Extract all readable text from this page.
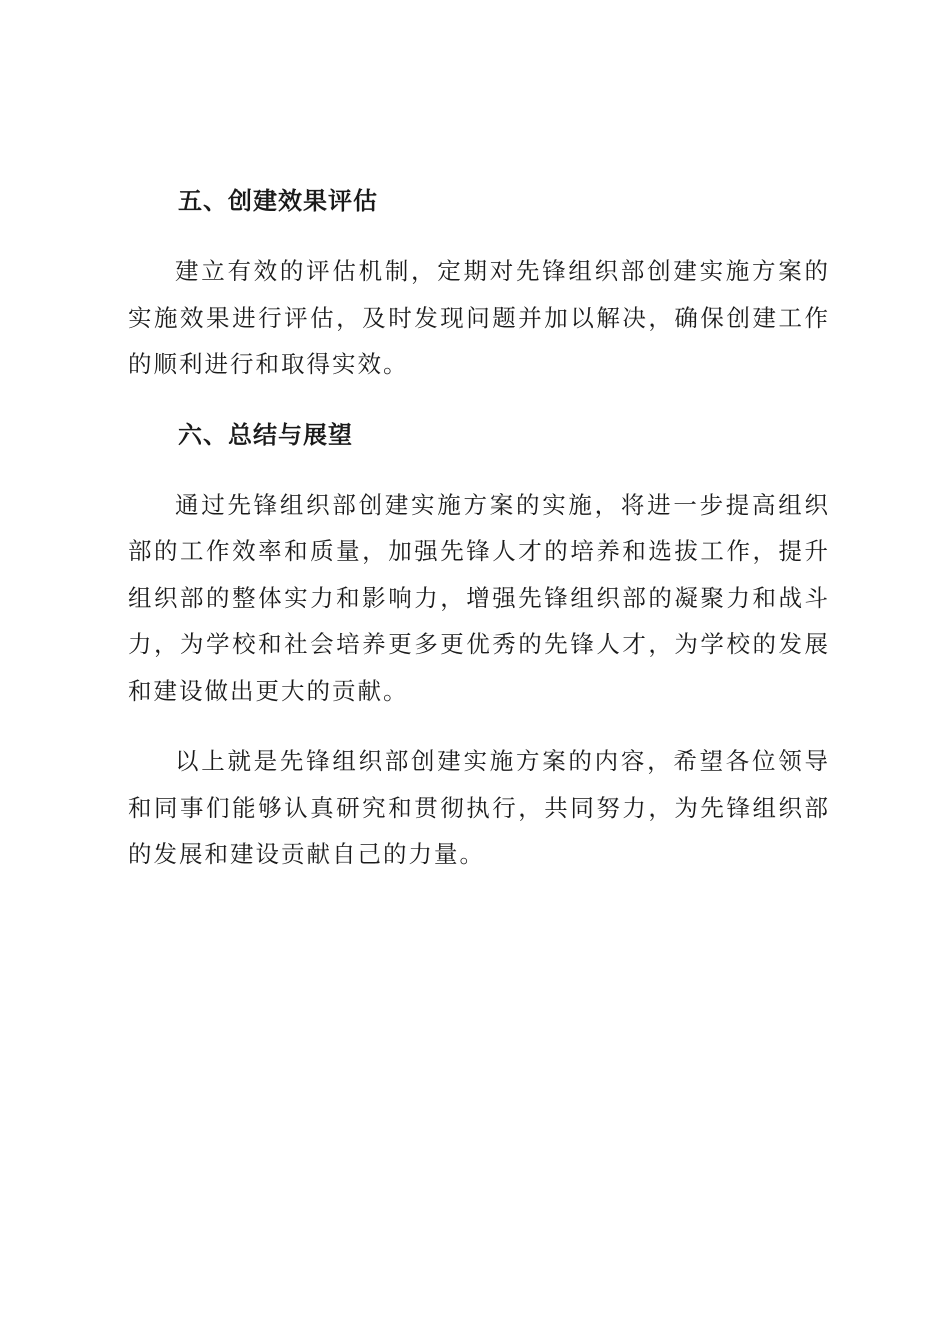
五、创建效果评估

建立有效的评估机制，定期对先锋组织部创建实施方案的实施效果进行评估，及时发现问题并加以解决，确保创建工作的顺利进行和取得实效。

六、总结与展望

通过先锋组织部创建实施方案的实施，将进一步提高组织部的工作效率和质量，加强先锋人才的培养和选拔工作，提升组织部的整体实力和影响力，增强先锋组织部的凝聚力和战斗力，为学校和社会培养更多更优秀的先锋人才，为学校的发展和建设做出更大的贡献。

以上就是先锋组织部创建实施方案的内容，希望各位领导和同事们能够认真研究和贯彻执行，共同努力，为先锋组织部的发展和建设贡献自己的力量。
